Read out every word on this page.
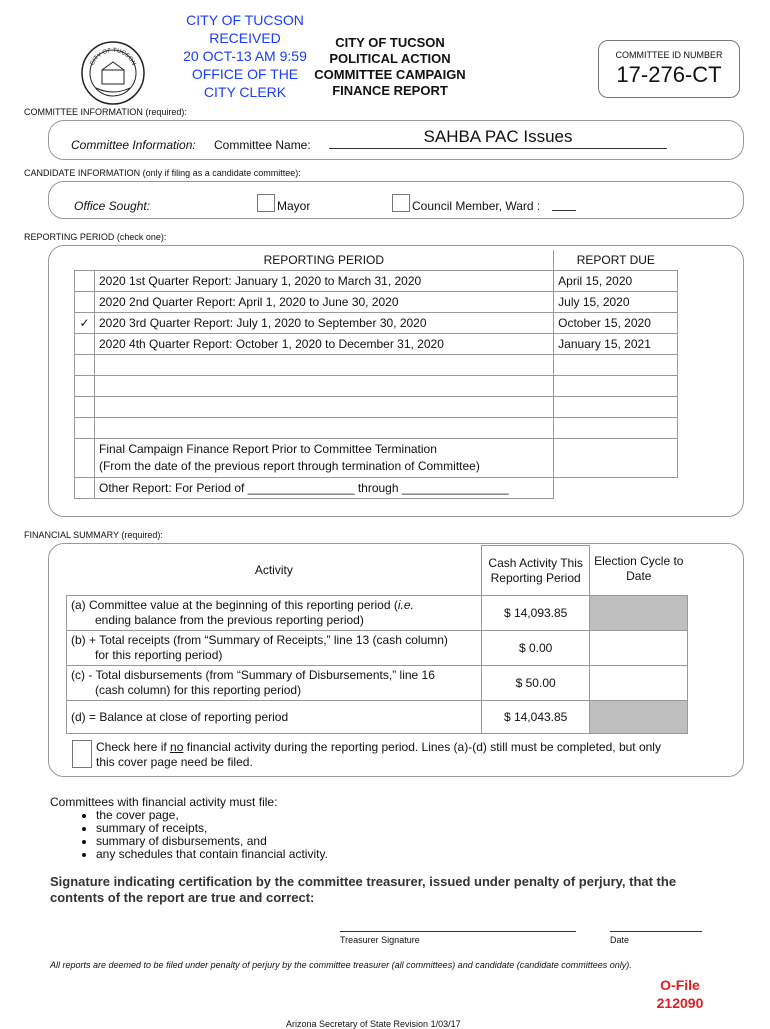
CITY OF TUCSON
CITY OF TUCSON
RECEIVED
20 OCT-13 AM 9:59
OFFICE OF THE
CITY CLERK
CITY OF TUCSON
POLITICAL ACTION
COMMITTEE CAMPAIGN
FINANCE REPORT
COMMITTEE ID NUMBER
17-276-CT
COMMITTEE INFORMATION (required):
Committee Information: Committee Name:	SAHBA PAC Issues
CANDIDATE INFORMATION (only if filing as a candidate committee):
Office Sought:	Mayor	Council Member, Ward :
REPORTING PERIOD (check one):
	REPORTING PERIOD	REPORT DUE
	2020 1st Quarter Report: January 1, 2020 to March 31, 2020	April 15, 2020
	2020 2nd Quarter Report: April 1, 2020 to June 30, 2020	July 15, 2020
✓	2020 3rd Quarter Report: July 1, 2020 to September 30, 2020	October 15, 2020
	2020 4th Quarter Report: October 1, 2020 to December 31, 2020	January 15, 2021

	Final Campaign Finance Report Prior to Committee Termination
(From the date of the previous report through termination of Committee)	

	Other Report: For Period of ________________ through ________________	
FINANCIAL SUMMARY (required):
Activity	Cash Activity This Reporting Period	Election Cycle to Date
(a) Committee value at the beginning of this reporting period (i.e.
ending balance from the previous reporting period)	$ 14,093.85	

(b) + Total receipts (from “Summary of Receipts,” line 13 (cash column)
for this reporting period)	$ 0.00	

(c) - Total disbursements (from “Summary of Disbursements,” line 16
(cash column) for this reporting period)	$ 50.00	
(d) = Balance at close of reporting period	$ 14,043.85	
Check here if no financial activity during the reporting period. Lines (a)-(d) still must be completed, but only
this cover page need be filed.
Committees with financial activity must file:
• the cover page,
• summary of receipts,
• summary of disbursements, and
• any schedules that contain financial activity.
Signature indicating certification by the committee treasurer, issued under penalty of perjury, that the
contents of the report are true and correct:
Treasurer Signature	Date
All reports are deemed to be filed under penalty of perjury by the committee treasurer (all committees) and candidate (candidate committees only).
Arizona Secretary of State Revision 1/03/17
O-File
212090
